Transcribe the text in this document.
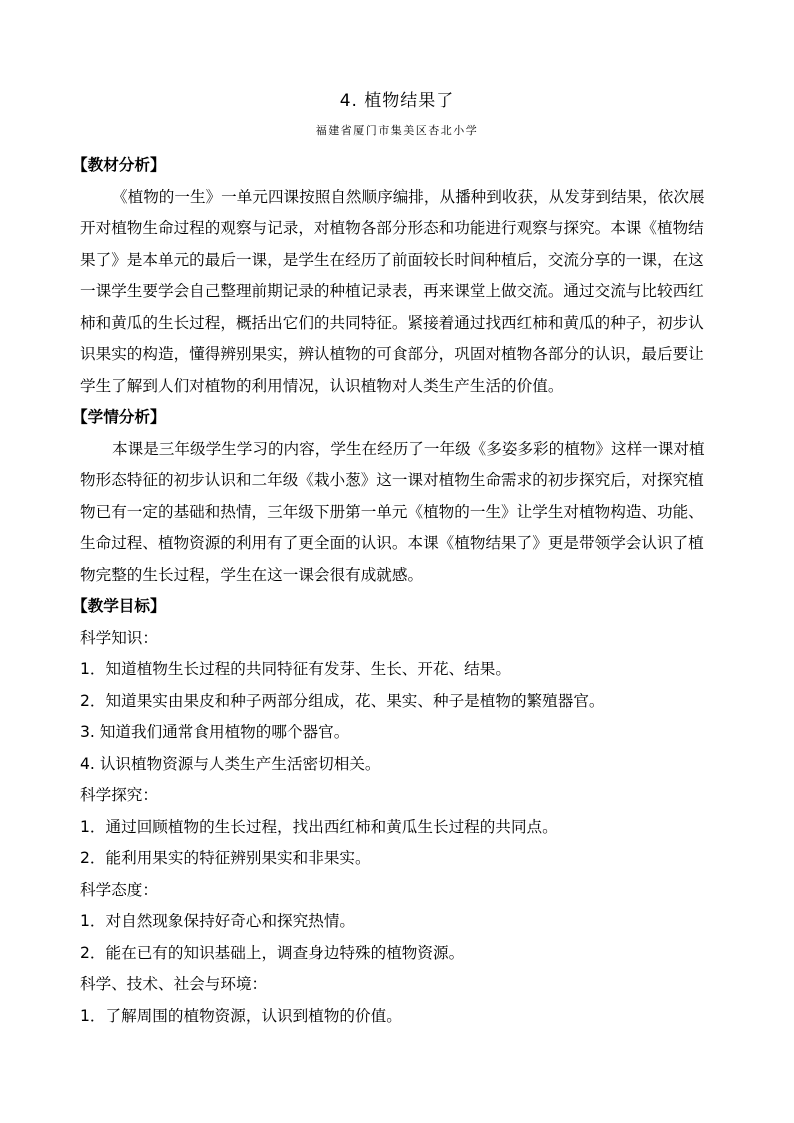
4. 植物结果了
福建省厦门市集美区杏北小学

【教材分析】

《植物的一生》一单元四课按照自然顺序编排，从播种到收获，从发芽到结果，依次展

开对植物生命过程的观察与记录，对植物各部分形态和功能进行观察与探究。本课《植物结

果了》是本单元的最后一课，是学生在经历了前面较长时间种植后，交流分享的一课，在这

一课学生要学会自己整理前期记录的种植记录表，再来课堂上做交流。通过交流与比较西红

柿和黄瓜的生长过程，概括出它们的共同特征。紧接着通过找西红柿和黄瓜的种子，初步认

识果实的构造，懂得辨别果实，辨认植物的可食部分，巩固对植物各部分的认识，最后要让

学生了解到人们对植物的利用情况，认识植物对人类生产生活的价值。

【学情分析】

本课是三年级学生学习的内容，学生在经历了一年级《多姿多彩的植物》这样一课对植

物形态特征的初步认识和二年级《栽小葱》这一课对植物生命需求的初步探究后，对探究植

物已有一定的基础和热情，三年级下册第一单元《植物的一生》让学生对植物构造、功能、

生命过程、植物资源的利用有了更全面的认识。本课《植物结果了》更是带领学会认识了植

物完整的生长过程，学生在这一课会很有成就感。

【教学目标】

科学知识：

1．知道植物生长过程的共同特征有发芽、生长、开花、结果。

2．知道果实由果皮和种子两部分组成，花、果实、种子是植物的繁殖器官。

3. 知道我们通常食用植物的哪个器官。

4. 认识植物资源与人类生产生活密切相关。

科学探究：

1．通过回顾植物的生长过程，找出西红柿和黄瓜生长过程的共同点。

2．能利用果实的特征辨别果实和非果实。

科学态度：

1．对自然现象保持好奇心和探究热情。

2．能在已有的知识基础上，调查身边特殊的植物资源。

科学、技术、社会与环境：

1．了解周围的植物资源，认识到植物的价值。
